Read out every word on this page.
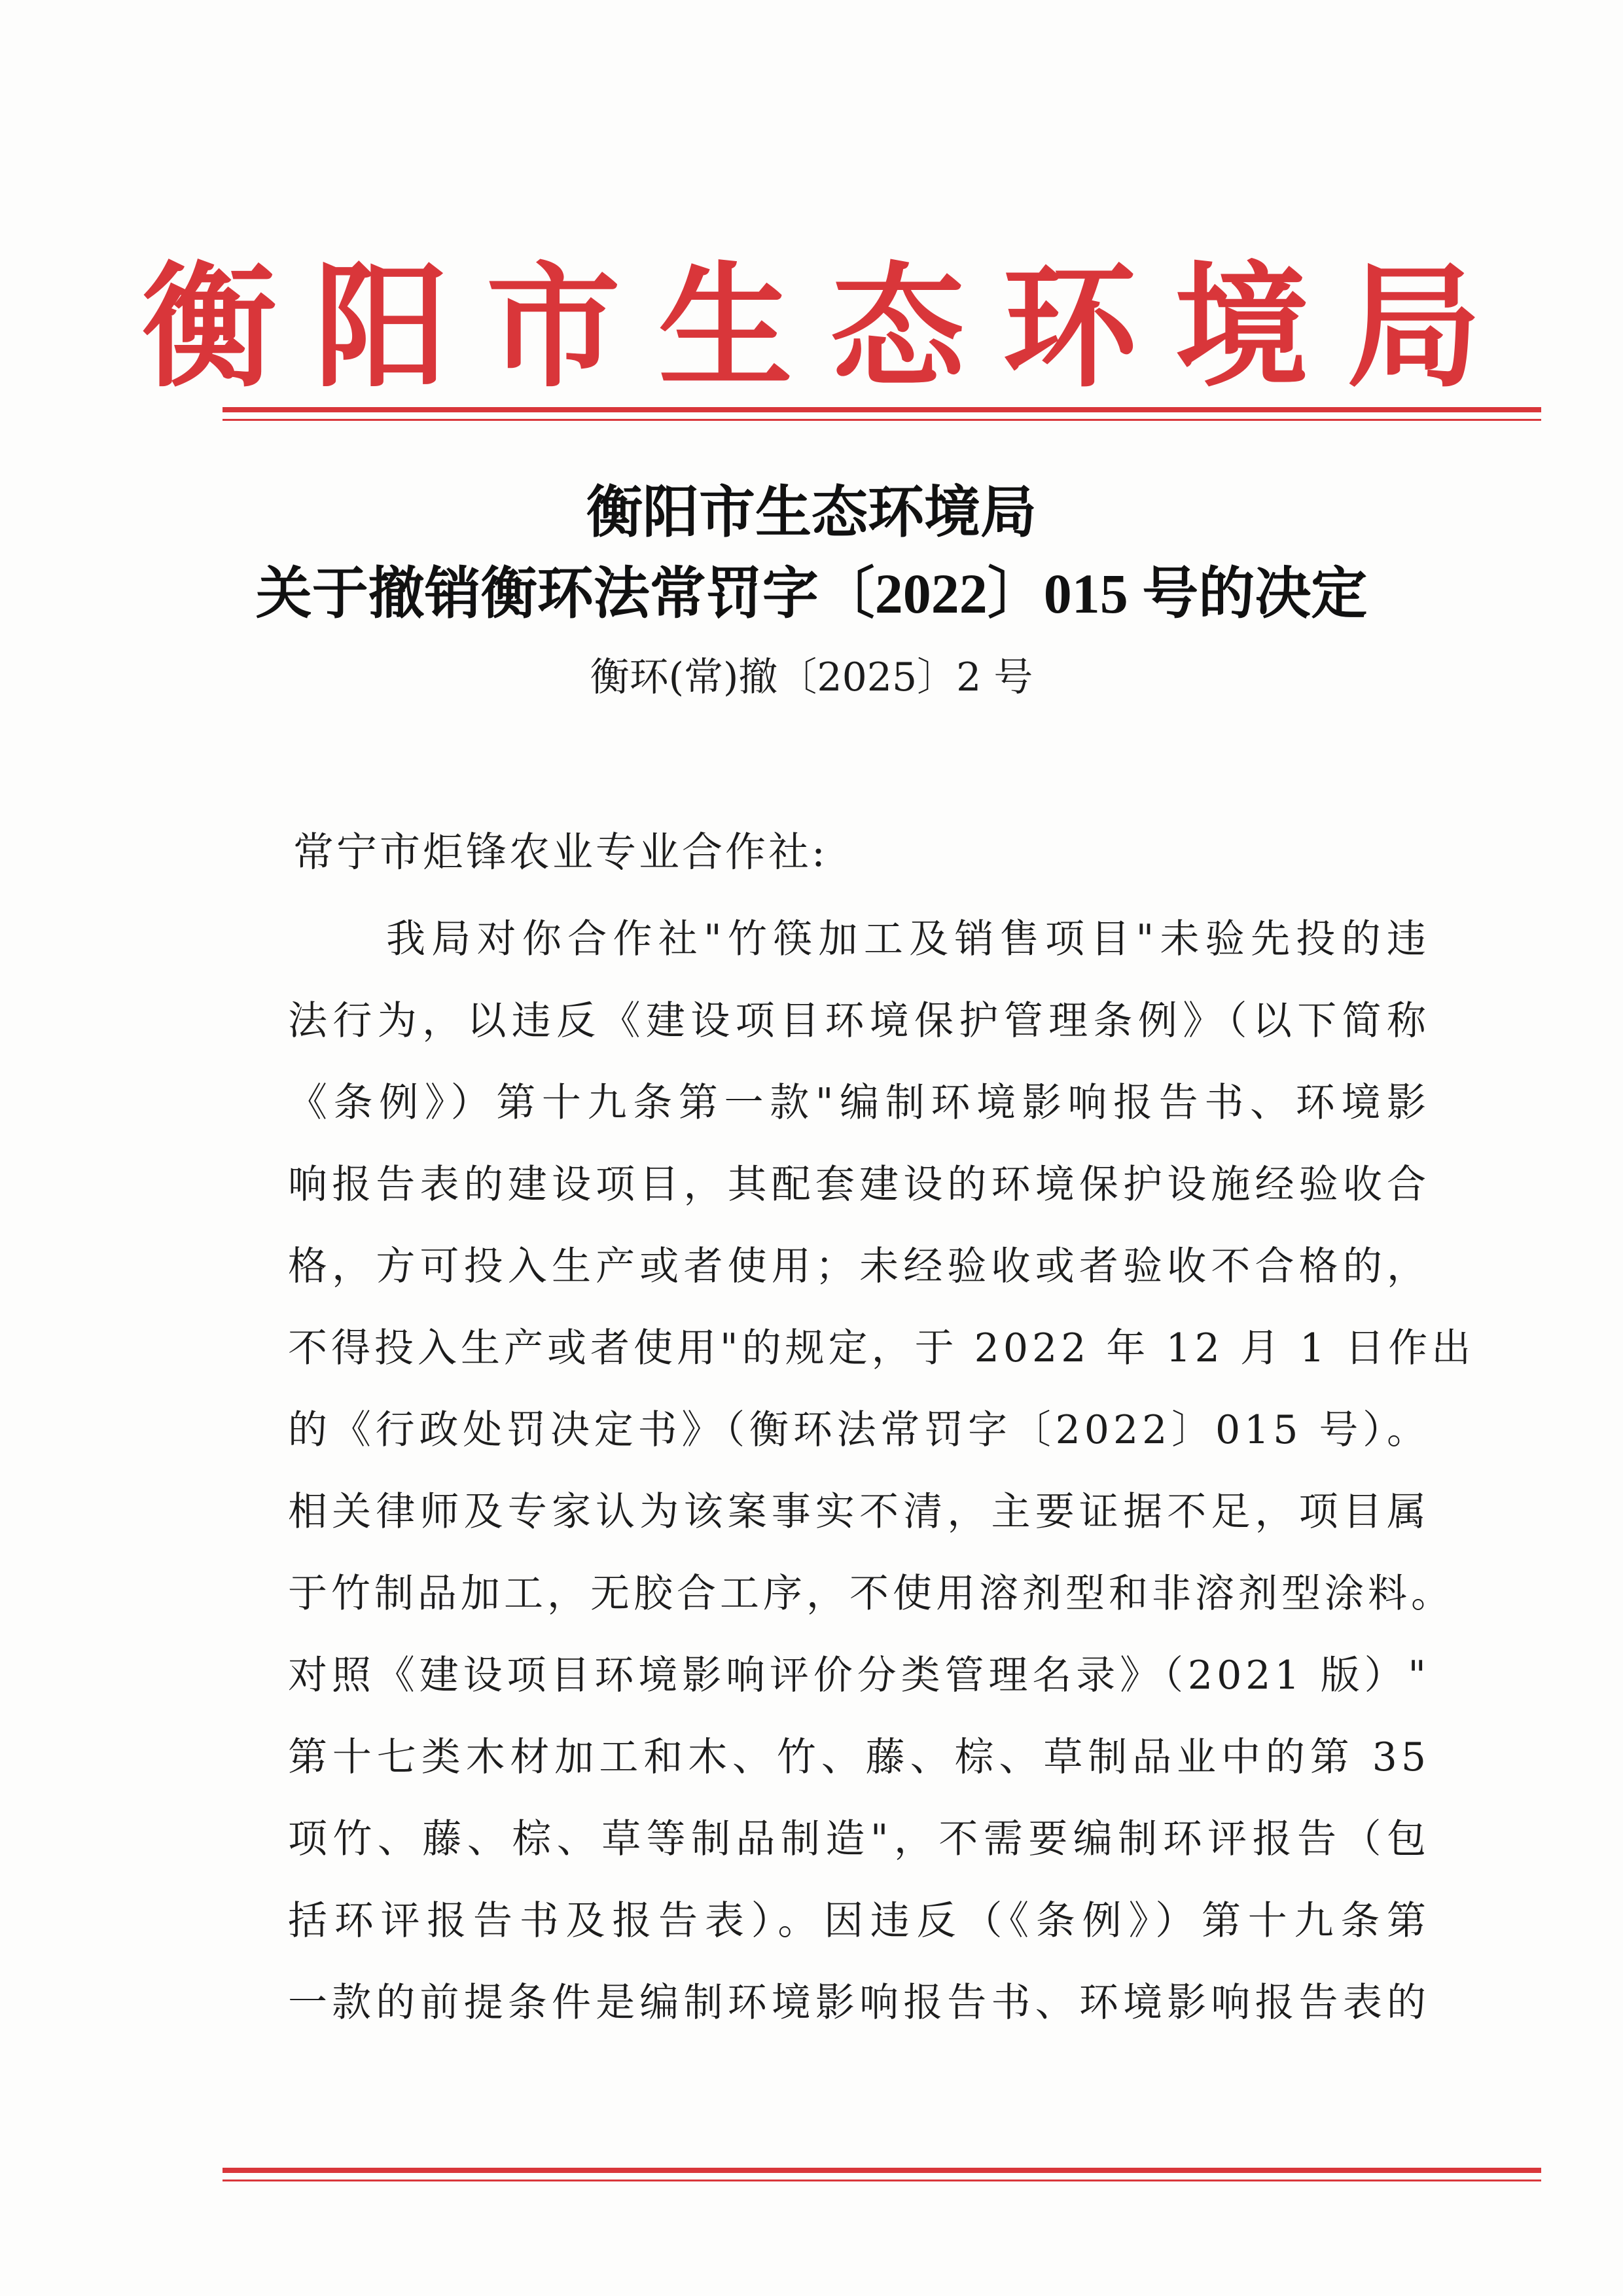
衡阳市生态环境局
衡阳市生态环境局
关于撤销衡环法常罚字〔2022〕015 号的决定
衡环(常)撤〔2025〕2 号
常宁市炬锋农业专业合作社:
我局对你合作社"竹筷加工及销售项目"未验先投的违
法行为，以违反《建设项目环境保护管理条例》（以下简称
《条例》）第十九条第一款"编制环境影响报告书、环境影
响报告表的建设项目，其配套建设的环境保护设施经验收合
格，方可投入生产或者使用；未经验收或者验收不合格的，
不得投入生产或者使用"的规定，于 2022 年 12 月 1 日作出
的《行政处罚决定书》（衡环法常罚字〔2022〕015 号）。
相关律师及专家认为该案事实不清，主要证据不足，项目属
于竹制品加工，无胶合工序，不使用溶剂型和非溶剂型涂料。
对照《建设项目环境影响评价分类管理名录》（2021 版）"
第十七类木材加工和木、竹、藤、棕、草制品业中的第 35
项竹、藤、棕、草等制品制造"，不需要编制环评报告（包
括环评报告书及报告表）。因违反（《条例》）第十九条第
一款的前提条件是编制环境影响报告书、环境影响报告表的
